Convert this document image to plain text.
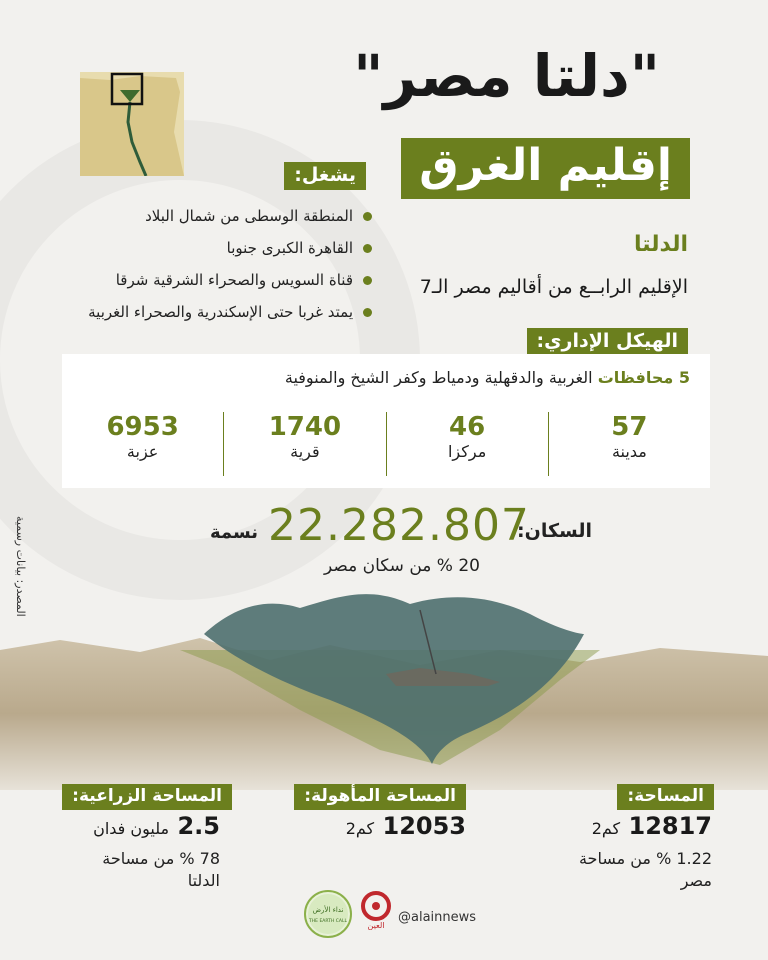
"دلتا مصر"
إقليم الغرق
يشغل:
المنطقة الوسطى من شمال البلاد
القاهرة الكبرى جنوبا
قناة السويس والصحراء الشرقية شرقا
يمتد غربا حتى الإسكندرية والصحراء الغربية
الدلتا
الإقليم الرابــع من أقاليم مصر الـ7
الهيكل الإداري:
5 محافظات الغربية والدقهلية ودمياط وكفر الشيخ والمنوفية
57
مدينة
46
مركزا
1740
قرية
6953
عزبة
السكان:
22.282.807
نسمة
20 % من سكان مصر
المصدر: بيانات رسمية
المساحة:
12817 كم2
1.22 % من مساحة مصر
المساحة المأهولة:
12053 كم2
المساحة الزراعية:
2.5 مليون فدان
78 % من مساحة الدلتا
نداء الأرض
THE EARTH CALL	العين
@alainnews
